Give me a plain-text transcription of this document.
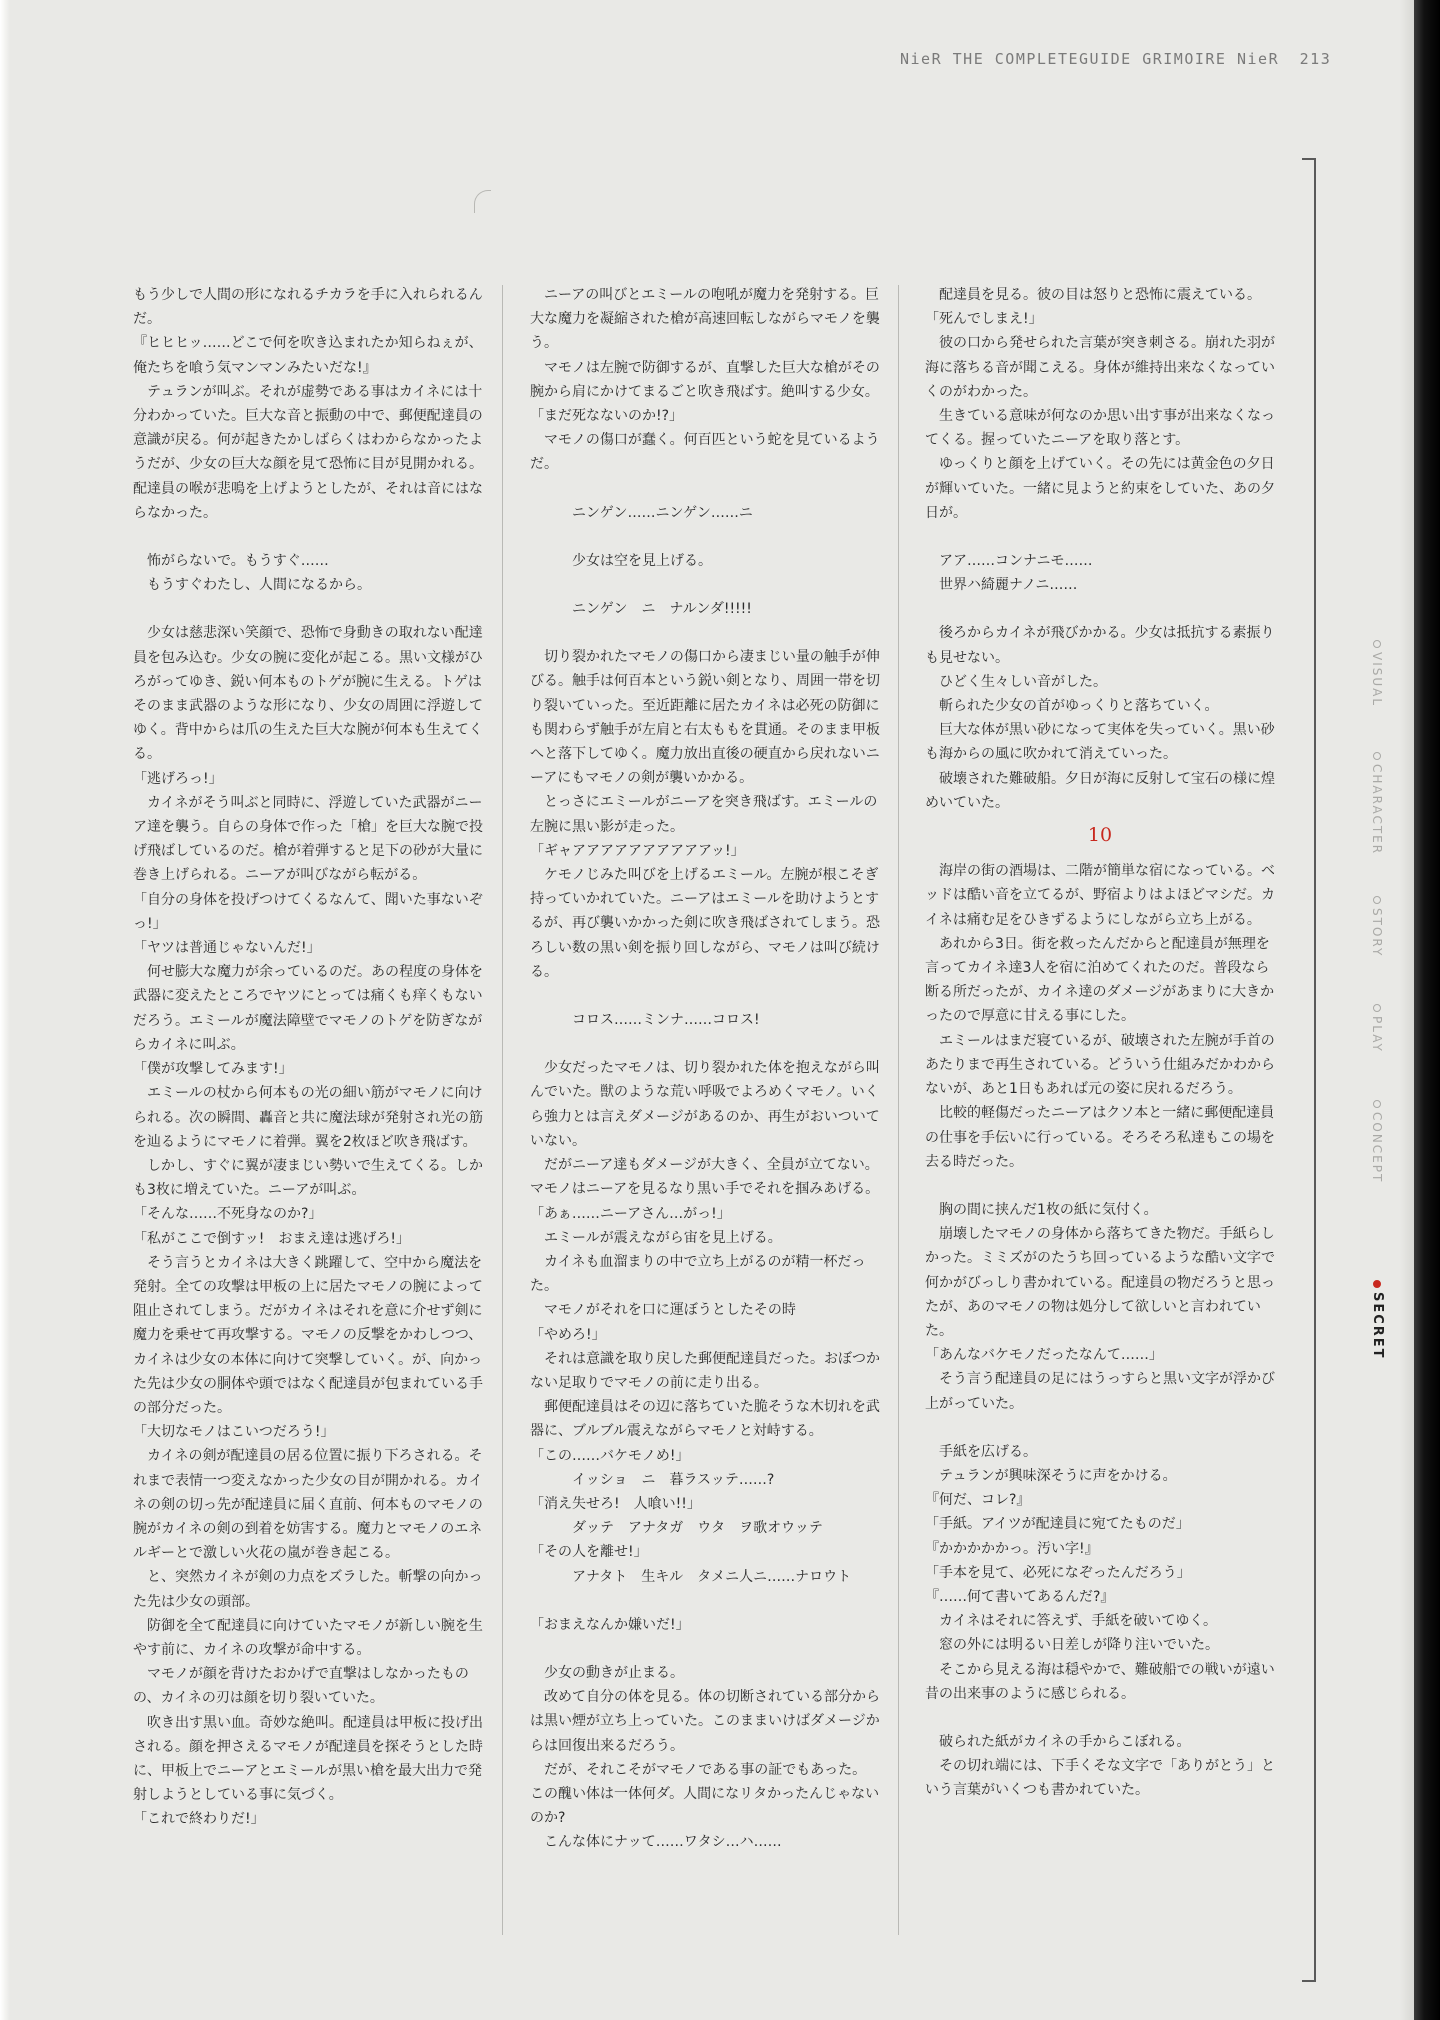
NieR THE COMPLETEGUIDE GRIMOIRE NieR 213

もう少しで人間の形になれるチカラを手に入れられるんだ。

『ヒヒヒッ……どこで何を吹き込まれたか知らねぇが、俺たちを喰う気マンマンみたいだな!』

テュランが叫ぶ。それが虚勢である事はカイネには十分わかっていた。巨大な音と振動の中で、郵便配達員の意識が戻る。何が起きたかしばらくはわからなかったようだが、少女の巨大な顔を見て恐怖に目が見開かれる。配達員の喉が悲鳴を上げようとしたが、それは音にはならなかった。

怖がらないで。もうすぐ……

もうすぐわたし、人間になるから。

少女は慈悲深い笑顔で、恐怖で身動きの取れない配達員を包み込む。少女の腕に変化が起こる。黒い文様がひろがってゆき、鋭い何本ものトゲが腕に生える。トゲはそのまま武器のような形になり、少女の周囲に浮遊してゆく。背中からは爪の生えた巨大な腕が何本も生えてくる。

「逃げろっ!」

カイネがそう叫ぶと同時に、浮遊していた武器がニーア達を襲う。自らの身体で作った「槍」を巨大な腕で投げ飛ばしているのだ。槍が着弾すると足下の砂が大量に巻き上げられる。ニーアが叫びながら転がる。

「自分の身体を投げつけてくるなんて、聞いた事ないぞっ!」

「ヤツは普通じゃないんだ!」

何せ膨大な魔力が余っているのだ。あの程度の身体を武器に変えたところでヤツにとっては痛くも痒くもないだろう。エミールが魔法障壁でマモノのトゲを防ぎながらカイネに叫ぶ。

「僕が攻撃してみます!」

エミールの杖から何本もの光の細い筋がマモノに向けられる。次の瞬間、轟音と共に魔法球が発射され光の筋を辿るようにマモノに着弾。翼を2枚ほど吹き飛ばす。

しかし、すぐに翼が凄まじい勢いで生えてくる。しかも3枚に増えていた。ニーアが叫ぶ。

「そんな……不死身なのか?」

「私がここで倒すッ!　おまえ達は逃げろ!」

そう言うとカイネは大きく跳躍して、空中から魔法を発射。全ての攻撃は甲板の上に居たマモノの腕によって阻止されてしまう。だがカイネはそれを意に介せず剣に魔力を乗せて再攻撃する。マモノの反撃をかわしつつ、カイネは少女の本体に向けて突撃していく。が、向かった先は少女の胴体や頭ではなく配達員が包まれている手の部分だった。

「大切なモノはこいつだろう!」

カイネの剣が配達員の居る位置に振り下ろされる。それまで表情一つ変えなかった少女の目が開かれる。カイネの剣の切っ先が配達員に届く直前、何本ものマモノの腕がカイネの剣の到着を妨害する。魔力とマモノのエネルギーとで激しい火花の嵐が巻き起こる。

と、突然カイネが剣の力点をズラした。斬撃の向かった先は少女の頭部。

防御を全て配達員に向けていたマモノが新しい腕を生やす前に、カイネの攻撃が命中する。

マモノが顔を背けたおかげで直撃はしなかったものの、カイネの刃は顔を切り裂いていた。

吹き出す黒い血。奇妙な絶叫。配達員は甲板に投げ出される。顔を押さえるマモノが配達員を探そうとした時に、甲板上でニーアとエミールが黒い槍を最大出力で発射しようとしている事に気づく。

「これで終わりだ!」

ニーアの叫びとエミールの咆吼が魔力を発射する。巨大な魔力を凝縮された槍が高速回転しながらマモノを襲う。

マモノは左腕で防御するが、直撃した巨大な槍がその腕から肩にかけてまるごと吹き飛ばす。絶叫する少女。

「まだ死なないのか!?」

マモノの傷口が蠢く。何百匹という蛇を見ているようだ。

ニンゲン……ニンゲン……ニ

少女は空を見上げる。

ニンゲン　ニ　ナルンダ!!!!!

切り裂かれたマモノの傷口から凄まじい量の触手が伸びる。触手は何百本という鋭い剣となり、周囲一帯を切り裂いていった。至近距離に居たカイネは必死の防御にも関わらず触手が左肩と右太ももを貫通。そのまま甲板へと落下してゆく。魔力放出直後の硬直から戻れないニーアにもマモノの剣が襲いかかる。

とっさにエミールがニーアを突き飛ばす。エミールの左腕に黒い影が走った。

「ギャアアアアアアアアアアッ!」

ケモノじみた叫びを上げるエミール。左腕が根こそぎ持っていかれていた。ニーアはエミールを助けようとするが、再び襲いかかった剣に吹き飛ばされてしまう。恐ろしい数の黒い剣を振り回しながら、マモノは叫び続ける。

コロス……ミンナ……コロス!

少女だったマモノは、切り裂かれた体を抱えながら叫んでいた。獣のような荒い呼吸でよろめくマモノ。いくら強力とは言えダメージがあるのか、再生がおいついていない。

だがニーア達もダメージが大きく、全員が立てない。マモノはニーアを見るなり黒い手でそれを掴みあげる。

「あぁ……ニーアさん…がっ!」

エミールが震えながら宙を見上げる。

カイネも血溜まりの中で立ち上がるのが精一杯だった。

マモノがそれを口に運ぼうとしたその時

「やめろ!」

それは意識を取り戻した郵便配達員だった。おぼつかない足取りでマモノの前に走り出る。

郵便配達員はその辺に落ちていた脆そうな木切れを武器に、ブルブル震えながらマモノと対峙する。

「この……バケモノめ!」

イッショ　ニ　暮ラスッテ……?

「消え失せろ!　人喰い!!」

ダッテ　アナタガ　ウタ　ヲ歌オウッテ

「その人を離せ!」

アナタト　生キル　タメニ人ニ……ナロウト

「おまえなんか嫌いだ!」

少女の動きが止まる。

改めて自分の体を見る。体の切断されている部分からは黒い煙が立ち上っていた。このままいけばダメージからは回復出来るだろう。

だが、それこそがマモノである事の証でもあった。この醜い体は一体何ダ。人間になリタかったんじゃないのか?

こんな体にナッて……ワタシ…ハ……

配達員を見る。彼の目は怒りと恐怖に震えている。

「死んでしまえ!」

彼の口から発せられた言葉が突き刺さる。崩れた羽が海に落ちる音が聞こえる。身体が維持出来なくなっていくのがわかった。

生きている意味が何なのか思い出す事が出来なくなってくる。握っていたニーアを取り落とす。

ゆっくりと顔を上げていく。その先には黄金色の夕日が輝いていた。一緒に見ようと約束をしていた、あの夕日が。

アア……コンナニモ……

世界ハ綺麗ナノニ……

後ろからカイネが飛びかかる。少女は抵抗する素振りも見せない。

ひどく生々しい音がした。

斬られた少女の首がゆっくりと落ちていく。

巨大な体が黒い砂になって実体を失っていく。黒い砂も海からの風に吹かれて消えていった。

破壊された難破船。夕日が海に反射して宝石の様に煌めいていた。

10

海岸の街の酒場は、二階が簡単な宿になっている。ベッドは酷い音を立てるが、野宿よりはよほどマシだ。カイネは痛む足をひきずるようにしながら立ち上がる。

あれから3日。街を救ったんだからと配達員が無理を言ってカイネ達3人を宿に泊めてくれたのだ。普段なら断る所だったが、カイネ達のダメージがあまりに大きかったので厚意に甘える事にした。

エミールはまだ寝ているが、破壊された左腕が手首のあたりまで再生されている。どういう仕組みだかわからないが、あと1日もあれば元の姿に戻れるだろう。

比較的軽傷だったニーアはクソ本と一緒に郵便配達員の仕事を手伝いに行っている。そろそろ私達もこの場を去る時だった。

胸の間に挟んだ1枚の紙に気付く。

崩壊したマモノの身体から落ちてきた物だ。手紙らしかった。ミミズがのたうち回っているような酷い文字で何かがびっしり書かれている。配達員の物だろうと思ったが、あのマモノの物は処分して欲しいと言われていた。

「あんなバケモノだったなんて……」

そう言う配達員の足にはうっすらと黒い文字が浮かび上がっていた。

手紙を広げる。

テュランが興味深そうに声をかける。

『何だ、コレ?』

「手紙。アイツが配達員に宛てたものだ」

『かかかかかっ。汚い字!』

「手本を見て、必死になぞったんだろう」

『……何て書いてあるんだ?』

カイネはそれに答えず、手紙を破いてゆく。

窓の外には明るい日差しが降り注いでいた。

そこから見える海は穏やかで、難破船での戦いが遠い昔の出来事のように感じられる。

破られた紙がカイネの手からこぼれる。

その切れ端には、下手くそな文字で「ありがとう」という言葉がいくつも書かれていた。

VISUAL
CHARACTER
STORY
PLAY
CONCEPT
SECRET
